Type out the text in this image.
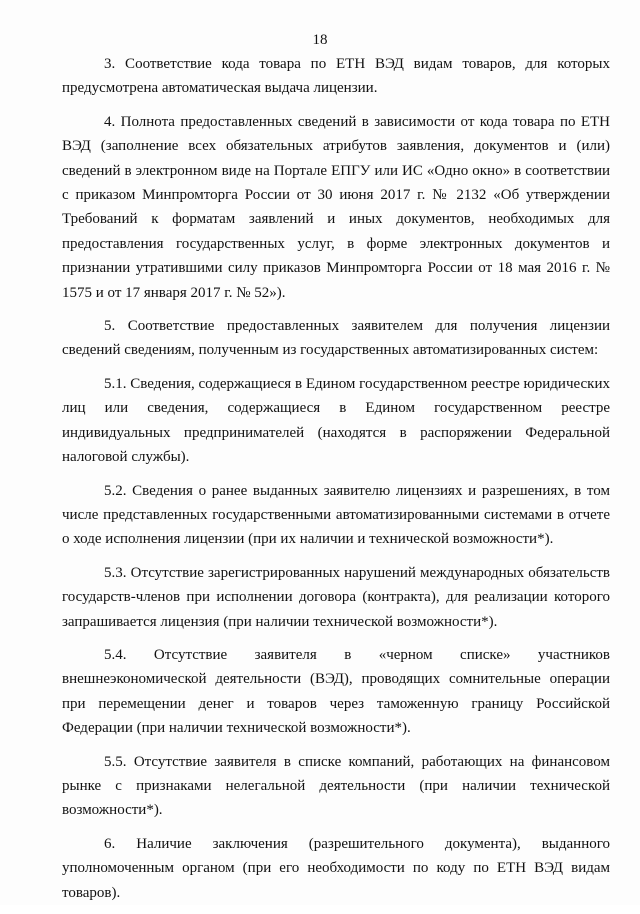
18

3. Соответствие кода товара по ЕТН ВЭД видам товаров, для которых предусмотрена автоматическая выдача лицензии.

4. Полнота предоставленных сведений в зависимости от кода товара по ЕТН ВЭД (заполнение всех обязательных атрибутов заявления, документов и (или) сведений в электронном виде на Портале ЕПГУ или ИС «Одно окно» в соответствии с приказом Минпромторга России от 30 июня 2017 г. № 2132 «Об утверждении Требований к форматам заявлений и иных документов, необходимых для предоставления государственных услуг, в форме электронных документов и признании утратившими силу приказов Минпромторга России от 18 мая 2016 г. № 1575 и от 17 января 2017 г. № 52»).

5. Соответствие предоставленных заявителем для получения лицензии сведений сведениям, полученным из государственных автоматизированных систем:

5.1. Сведения, содержащиеся в Едином государственном реестре юридических лиц или сведения, содержащиеся в Едином государственном реестре индивидуальных предпринимателей (находятся в распоряжении Федеральной налоговой службы).

5.2. Сведения о ранее выданных заявителю лицензиях и разрешениях, в том числе представленных государственными автоматизированными системами в отчете о ходе исполнения лицензии (при их наличии и технической возможности*).

5.3. Отсутствие зарегистрированных нарушений международных обязательств государств-членов при исполнении договора (контракта), для реализации которого запрашивается лицензия (при наличии технической возможности*).

5.4. Отсутствие заявителя в «черном списке» участников внешнеэкономической деятельности (ВЭД), проводящих сомнительные операции при перемещении денег и товаров через таможенную границу Российской Федерации (при наличии технической возможности*).

5.5. Отсутствие заявителя в списке компаний, работающих на финансовом рынке с признаками нелегальной деятельности (при наличии технической возможности*).

6. Наличие заключения (разрешительного документа), выданного уполномоченным органом (при его необходимости по коду по ЕТН ВЭД видам товаров).
